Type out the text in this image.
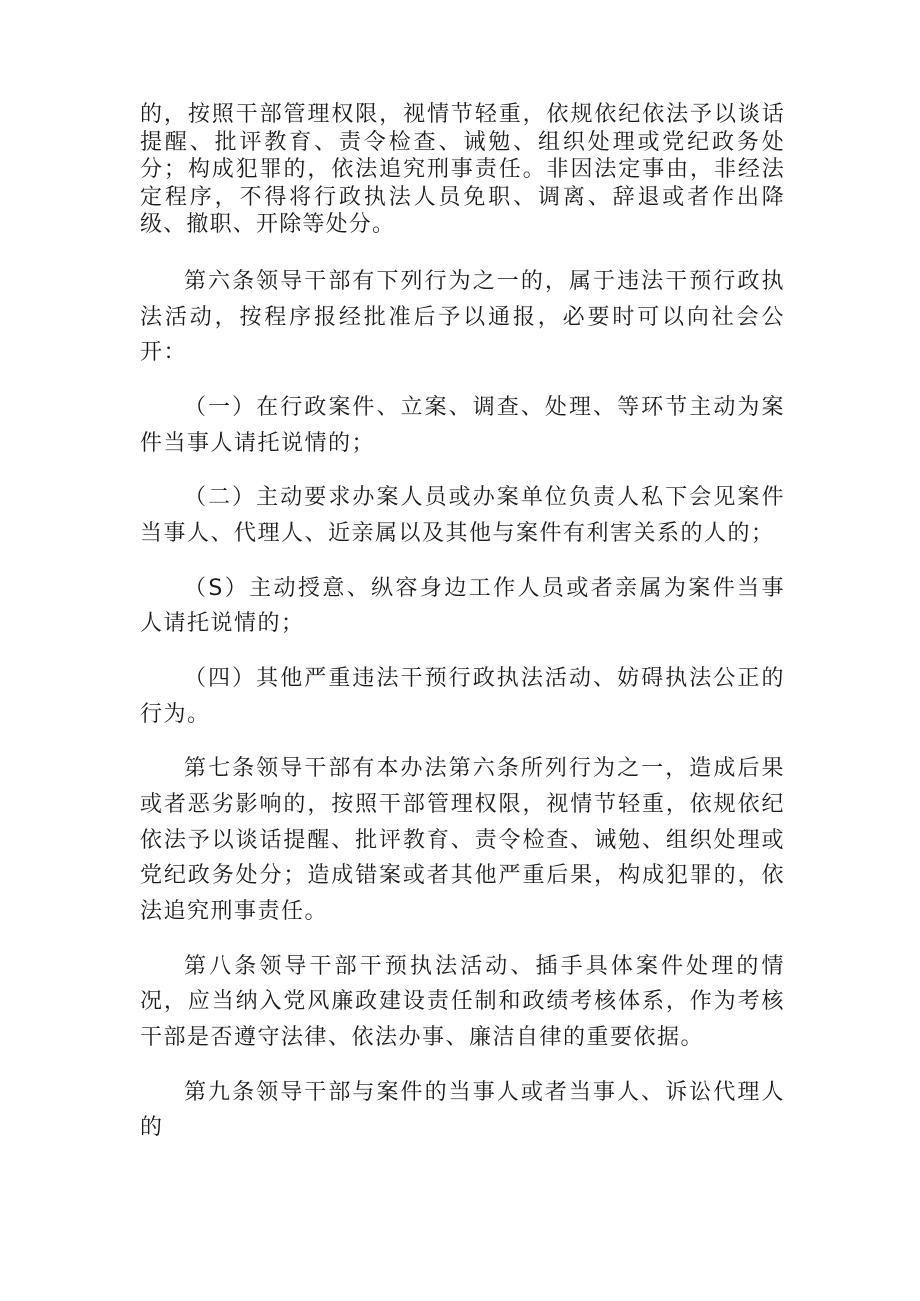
的，按照干部管理权限，视情节轻重，依规依纪依法予以谈话提醒、批评教育、责令检查、诫勉、组织处理或党纪政务处分；构成犯罪的，依法追究刑事责任。非因法定事由，非经法定程序，不得将行政执法人员免职、调离、辞退或者作出降级、撤职、开除等处分。

第六条领导干部有下列行为之一的，属于违法干预行政执法活动，按程序报经批准后予以通报，必要时可以向社会公开：

（一）在行政案件、立案、调查、处理、等环节主动为案件当事人请托说情的；

（二）主动要求办案人员或办案单位负责人私下会见案件当事人、代理人、近亲属以及其他与案件有利害关系的人的；

（S）主动授意、纵容身边工作人员或者亲属为案件当事人请托说情的；

（四）其他严重违法干预行政执法活动、妨碍执法公正的行为。

第七条领导干部有本办法第六条所列行为之一，造成后果或者恶劣影响的，按照干部管理权限，视情节轻重，依规依纪依法予以谈话提醒、批评教育、责令检查、诫勉、组织处理或党纪政务处分；造成错案或者其他严重后果，构成犯罪的，依法追究刑事责任。

第八条领导干部干预执法活动、插手具体案件处理的情况，应当纳入党风廉政建设责任制和政绩考核体系，作为考核干部是否遵守法律、依法办事、廉洁自律的重要依据。

第九条领导干部与案件的当事人或者当事人、诉讼代理人的
